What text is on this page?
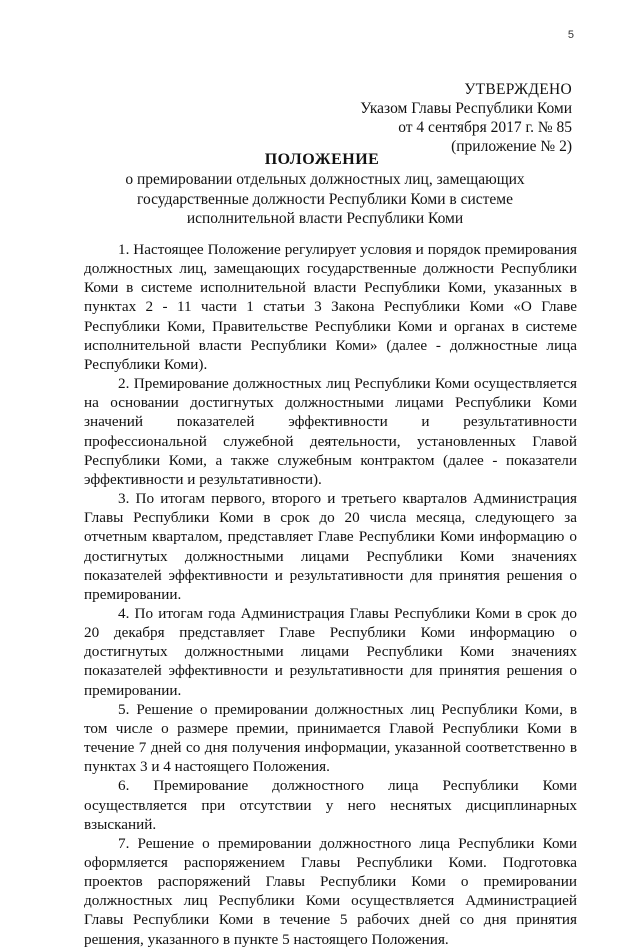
5
УТВЕРЖДЕНО
Указом Главы Республики Коми
от 4 сентября 2017 г. № 85
(приложение № 2)
ПОЛОЖЕНИЕ
о премировании отдельных должностных лиц, замещающих
государственные должности Республики Коми в системе
исполнительной власти Республики Коми

1. Настоящее Положение регулирует условия и порядок премирования должностных лиц, замещающих государственные должности Республики Коми в системе исполнительной власти Республики Коми, указанных в пунктах 2 - 11 части 1 статьи 3 Закона Республики Коми «О Главе Республики Коми, Правительстве Республики Коми и органах в системе исполнительной власти Республики Коми» (далее - должностные лица Республики Коми).

2. Премирование должностных лиц Республики Коми осуществляется на основании достигнутых должностными лицами Республики Коми значений показателей эффективности и результативности профессиональной служебной деятельности, установленных Главой Республики Коми, а также служебным контрактом (далее - показатели эффективности и результативности).

3. По итогам первого, второго и третьего кварталов Администрация Главы Республики Коми в срок до 20 числа месяца, следующего за отчетным кварталом, представляет Главе Республики Коми информацию о достигнутых должностными лицами Республики Коми значениях показателей эффективности и результативности для принятия решения о премировании.

4. По итогам года Администрация Главы Республики Коми в срок до 20 декабря представляет Главе Республики Коми информацию о достигнутых должностными лицами Республики Коми значениях показателей эффективности и результативности для принятия решения о премировании.

5. Решение о премировании должностных лиц Республики Коми, в том числе о размере премии, принимается Главой Республики Коми в течение 7 дней со дня получения информации, указанной соответственно в пунктах 3 и 4 настоящего Положения.

6. Премирование должностного лица Республики Коми осуществляется при отсутствии у него неснятых дисциплинарных взысканий.

7. Решение о премировании должностного лица Республики Коми оформляется распоряжением Главы Республики Коми. Подготовка проектов распоряжений Главы Республики Коми о премировании должностных лиц Республики Коми осуществляется Администрацией Главы Республики Коми в течение 5 рабочих дней со дня принятия решения, указанного в пункте 5 настоящего Положения.
